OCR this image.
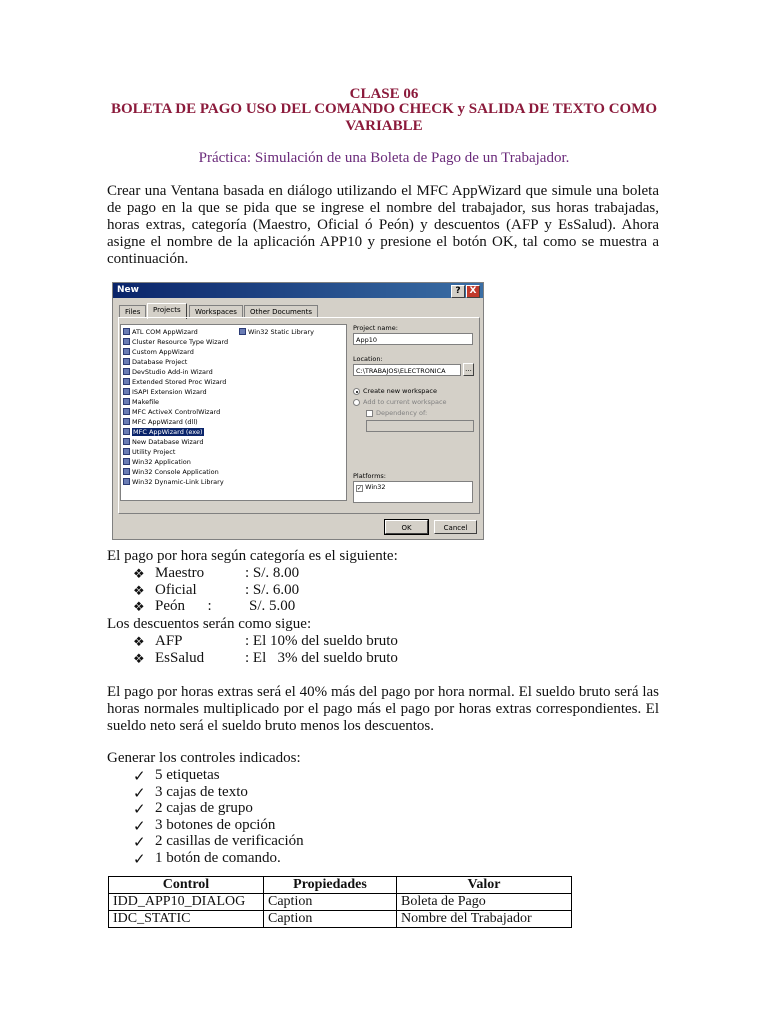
CLASE 06
BOLETA DE PAGO USO DEL COMANDO CHECK y SALIDA DE TEXTO COMO
VARIABLE
Práctica: Simulación de una Boleta de Pago de un Trabajador.
Crear una Ventana basada en diálogo utilizando el MFC AppWizard que simule una boleta de pago en la que se pida que se ingrese el nombre del trabajador, sus horas trabajadas, horas extras, categoría (Maestro, Oficial ó Peón) y descuentos (AFP y EsSalud). Ahora asigne el nombre de la aplicación APP10 y presione el botón OK, tal como se muestra a continuación.
New	? X
Files	Projects	Workspaces	Other Documents
ATL COM AppWizard
Cluster Resource Type Wizard
Custom AppWizard
Database Project
DevStudio Add-in Wizard
Extended Stored Proc Wizard
ISAPI Extension Wizard
Makefile
MFC ActiveX ControlWizard
MFC AppWizard (dll)
MFC AppWizard (exe)
New Database Wizard
Utility Project
Win32 Application
Win32 Console Application
Win32 Dynamic-Link Library
Win32 Static Library	Project name:
App10
Location:
C:\TRABAJOS\ELECTRONICA	...
Create new workspace
Add to current workspace
Dependency of:
Platforms:
✓ Win32
OK	Cancel
El pago por hora según categoría es el siguiente:
❖ Maestro	: S/. 8.00
❖ Oficial	: S/. 6.00
❖ Peón      : S/. 5.00
Los descuentos serán como sigue:
❖ AFP	: El 10% del sueldo bruto
❖ EsSalud	: El   3% del sueldo bruto
El pago por horas extras será el 40% más del pago por hora normal. El sueldo bruto será las horas normales multiplicado por el pago más el pago por horas extras correspondientes. El sueldo neto será el sueldo bruto menos los descuentos.
Generar los controles indicados:
✓ 5 etiquetas
✓ 3 cajas de texto
✓ 2 cajas de grupo
✓ 3 botones de opción
✓ 2 casillas de verificación
✓ 1 botón de comando.
Control	Propiedades	Valor
IDD_APP10_DIALOG	Caption	Boleta de Pago
IDC_STATIC	Caption	Nombre del Trabajador
